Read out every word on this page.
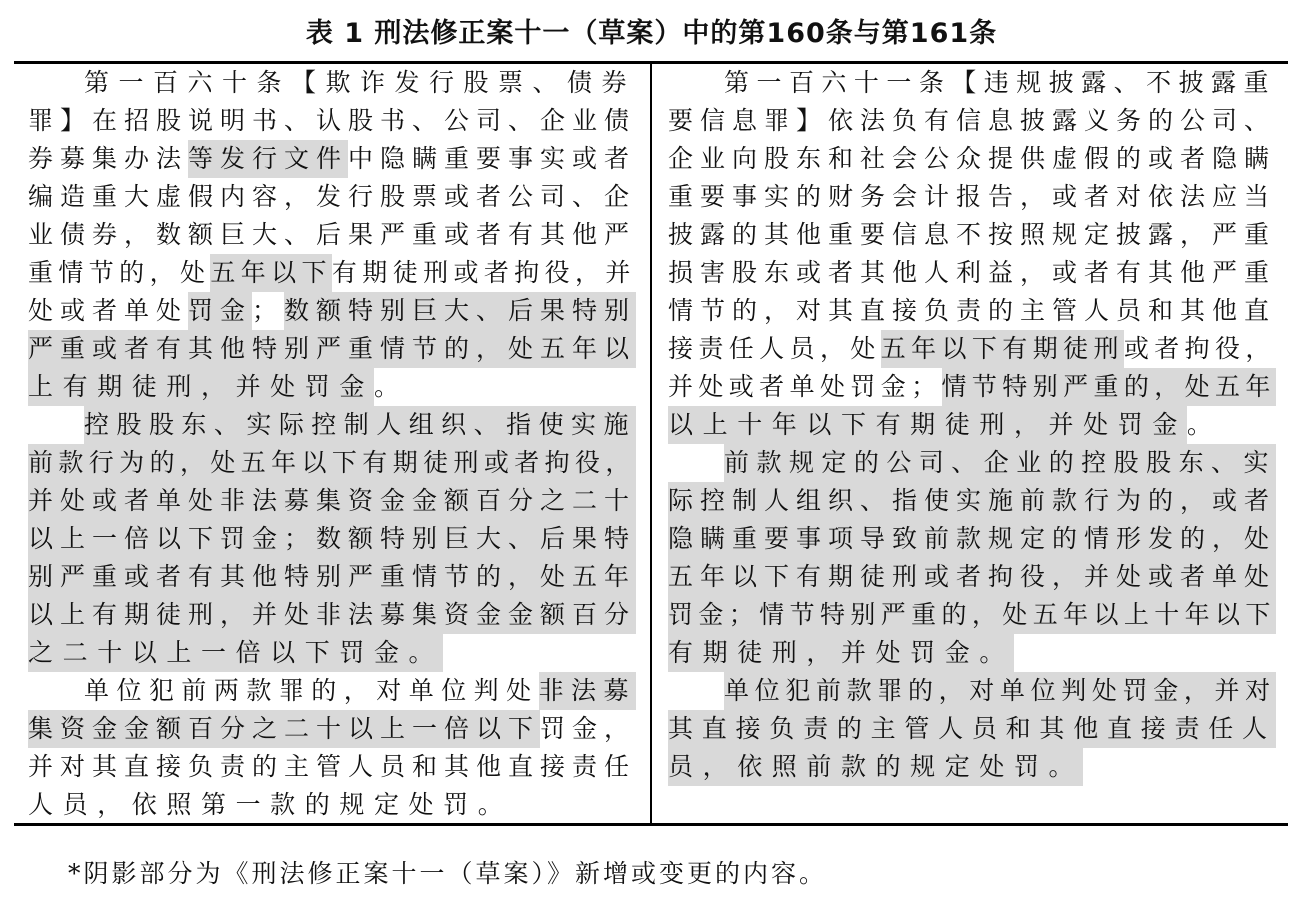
表 1 刑法修正案十一（草案）中的第160条与第161条
第 一 百 六 十 条 【 欺 诈 发 行 股 票 、 债 券
罪 】 在 招 股 说 明 书 、 认 股 书 、 公 司 、 企 业 债
券 募 集 办 法 等 发 行 文 件 中 隐 瞒 重 要 事 实 或 者
编 造 重 大 虚 假 内 容 ， 发 行 股 票 或 者 公 司 、 企
业 债 券 ， 数 额 巨 大 、 后 果 严 重 或 者 有 其 他 严
重 情 节 的 ， 处 五 年 以 下 有 期 徒 刑 或 者 拘 役 ， 并
处 或 者 单 处 罚 金 ； 数 额 特 别 巨 大 、 后 果 特 别
严 重 或 者 有 其 他 特 别 严 重 情 节 的 ， 处 五 年 以
上 有 期 徒 刑 ， 并 处 罚 金 。
控 股 股 东 、 实 际 控 制 人 组 织 、 指 使 实 施
前 款 行 为 的 ， 处 五 年 以 下 有 期 徒 刑 或 者 拘 役 ，
并 处 或 者 单 处 非 法 募 集 资 金 金 额 百 分 之 二 十
以 上 一 倍 以 下 罚 金 ； 数 额 特 别 巨 大 、 后 果 特
别 严 重 或 者 有 其 他 特 别 严 重 情 节 的 ， 处 五 年
以 上 有 期 徒 刑 ， 并 处 非 法 募 集 资 金 金 额 百 分
之 二 十 以 上 一 倍 以 下 罚 金 。
单 位 犯 前 两 款 罪 的 ， 对 单 位 判 处 非 法 募
集 资 金 金 额 百 分 之 二 十 以 上 一 倍 以 下 罚 金 ，
并 对 其 直 接 负 责 的 主 管 人 员 和 其 他 直 接 责 任
人 员 ， 依 照 第 一 款 的 规 定 处 罚 。
第 一 百 六 十 一 条 【 违 规 披 露 、 不 披 露 重
要 信 息 罪 】 依 法 负 有 信 息 披 露 义 务 的 公 司 、
企 业 向 股 东 和 社 会 公 众 提 供 虚 假 的 或 者 隐 瞒
重 要 事 实 的 财 务 会 计 报 告 ， 或 者 对 依 法 应 当
披 露 的 其 他 重 要 信 息 不 按 照 规 定 披 露 ， 严 重
损 害 股 东 或 者 其 他 人 利 益 ， 或 者 有 其 他 严 重
情 节 的 ， 对 其 直 接 负 责 的 主 管 人 员 和 其 他 直
接 责 任 人 员 ， 处 五 年 以 下 有 期 徒 刑 或 者 拘 役 ，
并 处 或 者 单 处 罚 金 ； 情 节 特 别 严 重 的 ， 处 五 年
以 上 十 年 以 下 有 期 徒 刑 ， 并 处 罚 金 。
前 款 规 定 的 公 司 、 企 业 的 控 股 股 东 、 实
际 控 制 人 组 织 、 指 使 实 施 前 款 行 为 的 ， 或 者
隐 瞒 重 要 事 项 导 致 前 款 规 定 的 情 形 发 的 ， 处
五 年 以 下 有 期 徒 刑 或 者 拘 役 ， 并 处 或 者 单 处
罚 金 ； 情 节 特 别 严 重 的 ， 处 五 年 以 上 十 年 以 下
有 期 徒 刑 ， 并 处 罚 金 。
单 位 犯 前 款 罪 的 ， 对 单 位 判 处 罚 金 ， 并 对
其 直 接 负 责 的 主 管 人 员 和 其 他 直 接 责 任 人
员 ， 依 照 前 款 的 规 定 处 罚 。
*阴影部分为《刑法修正案十一（草案）》新增或变更的内容。
